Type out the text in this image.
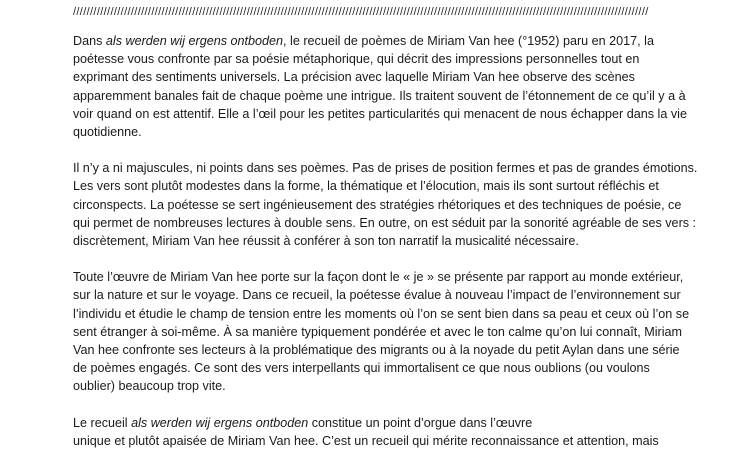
/////////////////////////////////////////////////////////////////////////////////////////////////////////////////////////////////////////////////////////////////////////

Dans als werden wij ergens ontboden, le recueil de poèmes de Miriam Van hee (°1952) paru en 2017, la
poétesse vous confronte par sa poésie métaphorique, qui décrit des impressions personnelles tout en
exprimant des sentiments universels. La précision avec laquelle Miriam Van hee observe des scènes
apparemment banales fait de chaque poème une intrigue. Ils traitent souvent de l’étonnement de ce qu’il y a à
voir quand on est attentif. Elle a l’œil pour les petites particularités qui menacent de nous échapper dans la vie
quotidienne.

Il n’y a ni majuscules, ni points dans ses poèmes. Pas de prises de position fermes et pas de grandes émotions.
Les vers sont plutôt modestes dans la forme, la thématique et l’élocution, mais ils sont surtout réfléchis et
circonspects. La poétesse se sert ingénieusement des stratégies rhétoriques et des techniques de poésie, ce
qui permet de nombreuses lectures à double sens. En outre, on est séduit par la sonorité agréable de ses vers :
discrètement, Miriam Van hee réussit à conférer à son ton narratif la musicalité nécessaire.

Toute l’œuvre de Miriam Van hee porte sur la façon dont le « je » se présente par rapport au monde extérieur,
sur la nature et sur le voyage. Dans ce recueil, la poétesse évalue à nouveau l’impact de l’environnement sur
l’individu et étudie le champ de tension entre les moments où l’on se sent bien dans sa peau et ceux où l’on se
sent étranger à soi-même. À sa manière typiquement pondérée et avec le ton calme qu’on lui connaît, Miriam
Van hee confronte ses lecteurs à la problématique des migrants ou à la noyade du petit Aylan dans une série
de poèmes engagés. Ce sont des vers interpellants qui immortalisent ce que nous oublions (ou voulons
oublier) beaucoup trop vite.

Le recueil als werden wij ergens ontboden constitue un point d’orgue dans l’œuvre
unique et plutôt apaisée de Miriam Van hee. C’est un recueil qui mérite reconnaissance et attention, mais
